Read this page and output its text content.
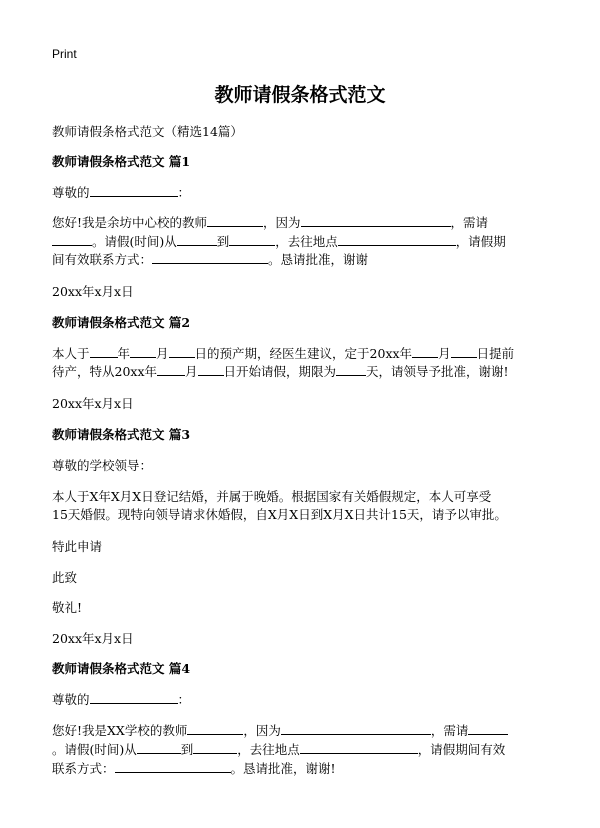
Print
教师请假条格式范文
教师请假条格式范文（精选14篇）
教师请假条格式范文 篇1
尊敬的	：
您好!我是余坊中心校的教师	，因为	，需请
。请假(时间)从	到	，去往地点	，请假期
间有效联系方式：	。恳请批准，谢谢
20xx年x月x日
教师请假条格式范文 篇2
本人于 年 月 日的预产期，经医生建议，定于20xx年 月 日提前
待产，特从20xx年 月 日开始请假，期限为 天，请领导予批准，谢谢!
20xx年x月x日
教师请假条格式范文 篇3
尊敬的学校领导：
本人于X年X月X日登记结婚，并属于晚婚。根据国家有关婚假规定，本人可享受
15天婚假。现特向领导请求休婚假，自X月X日到X月X日共计15天，请予以审批。
特此申请
此致
敬礼!
20xx年x月x日
教师请假条格式范文 篇4
尊敬的	：
您好!我是XX学校的教师	，因为	，需请
。请假(时间)从	到	，去往地点	，请假期间有效
联系方式：	。恳请批准，谢谢!
